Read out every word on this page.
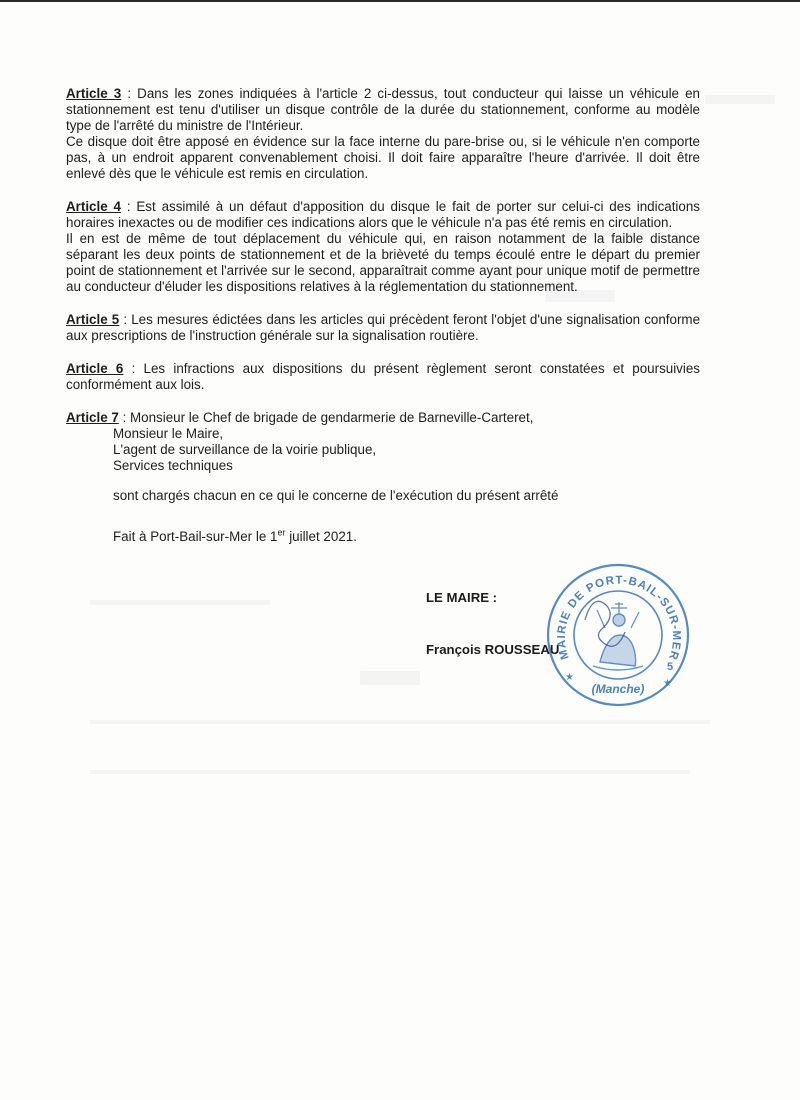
Article 3 : Dans les zones indiquées à l'article 2 ci-dessus, tout conducteur qui laisse un véhicule en stationnement est tenu d'utiliser un disque contrôle de la durée du stationnement, conforme au modèle type de l'arrêté du ministre de l'Intérieur.

Ce disque doit être apposé en évidence sur la face interne du pare-brise ou, si le véhicule n'en comporte pas, à un endroit apparent convenablement choisi. Il doit faire apparaître l'heure d'arrivée. Il doit être enlevé dès que le véhicule est remis en circulation.

Article 4 : Est assimilé à un défaut d'apposition du disque le fait de porter sur celui-ci des indications horaires inexactes ou de modifier ces indications alors que le véhicule n'a pas été remis en circulation.

Il en est de même de tout déplacement du véhicule qui, en raison notamment de la faible distance séparant les deux points de stationnement et de la brièveté du temps écoulé entre le départ du premier point de stationnement et l'arrivée sur le second, apparaîtrait comme ayant pour unique motif de permettre au conducteur d'éluder les dispositions relatives à la réglementation du stationnement.

Article 5 : Les mesures édictées dans les articles qui précèdent feront l'objet d'une signalisation conforme aux prescriptions de l'instruction générale sur la signalisation routière.

Article 6 : Les infractions aux dispositions du présent règlement seront constatées et poursuivies conformément aux lois.

Article 7 : Monsieur le Chef de brigade de gendarmerie de Barneville-Carteret,

Monsieur le Maire,

L'agent de surveillance de la voirie publique,

Services techniques

sont chargés chacun en ce qui le concerne de l'exécution du présent arrêté

Fait à Port-Bail-sur-Mer le 1er juillet 2021.

LE MAIRE :
François ROUSSEAU
MAIRIE DE PORT-BAIL-SUR-MER
5
(Manche)
★
★
